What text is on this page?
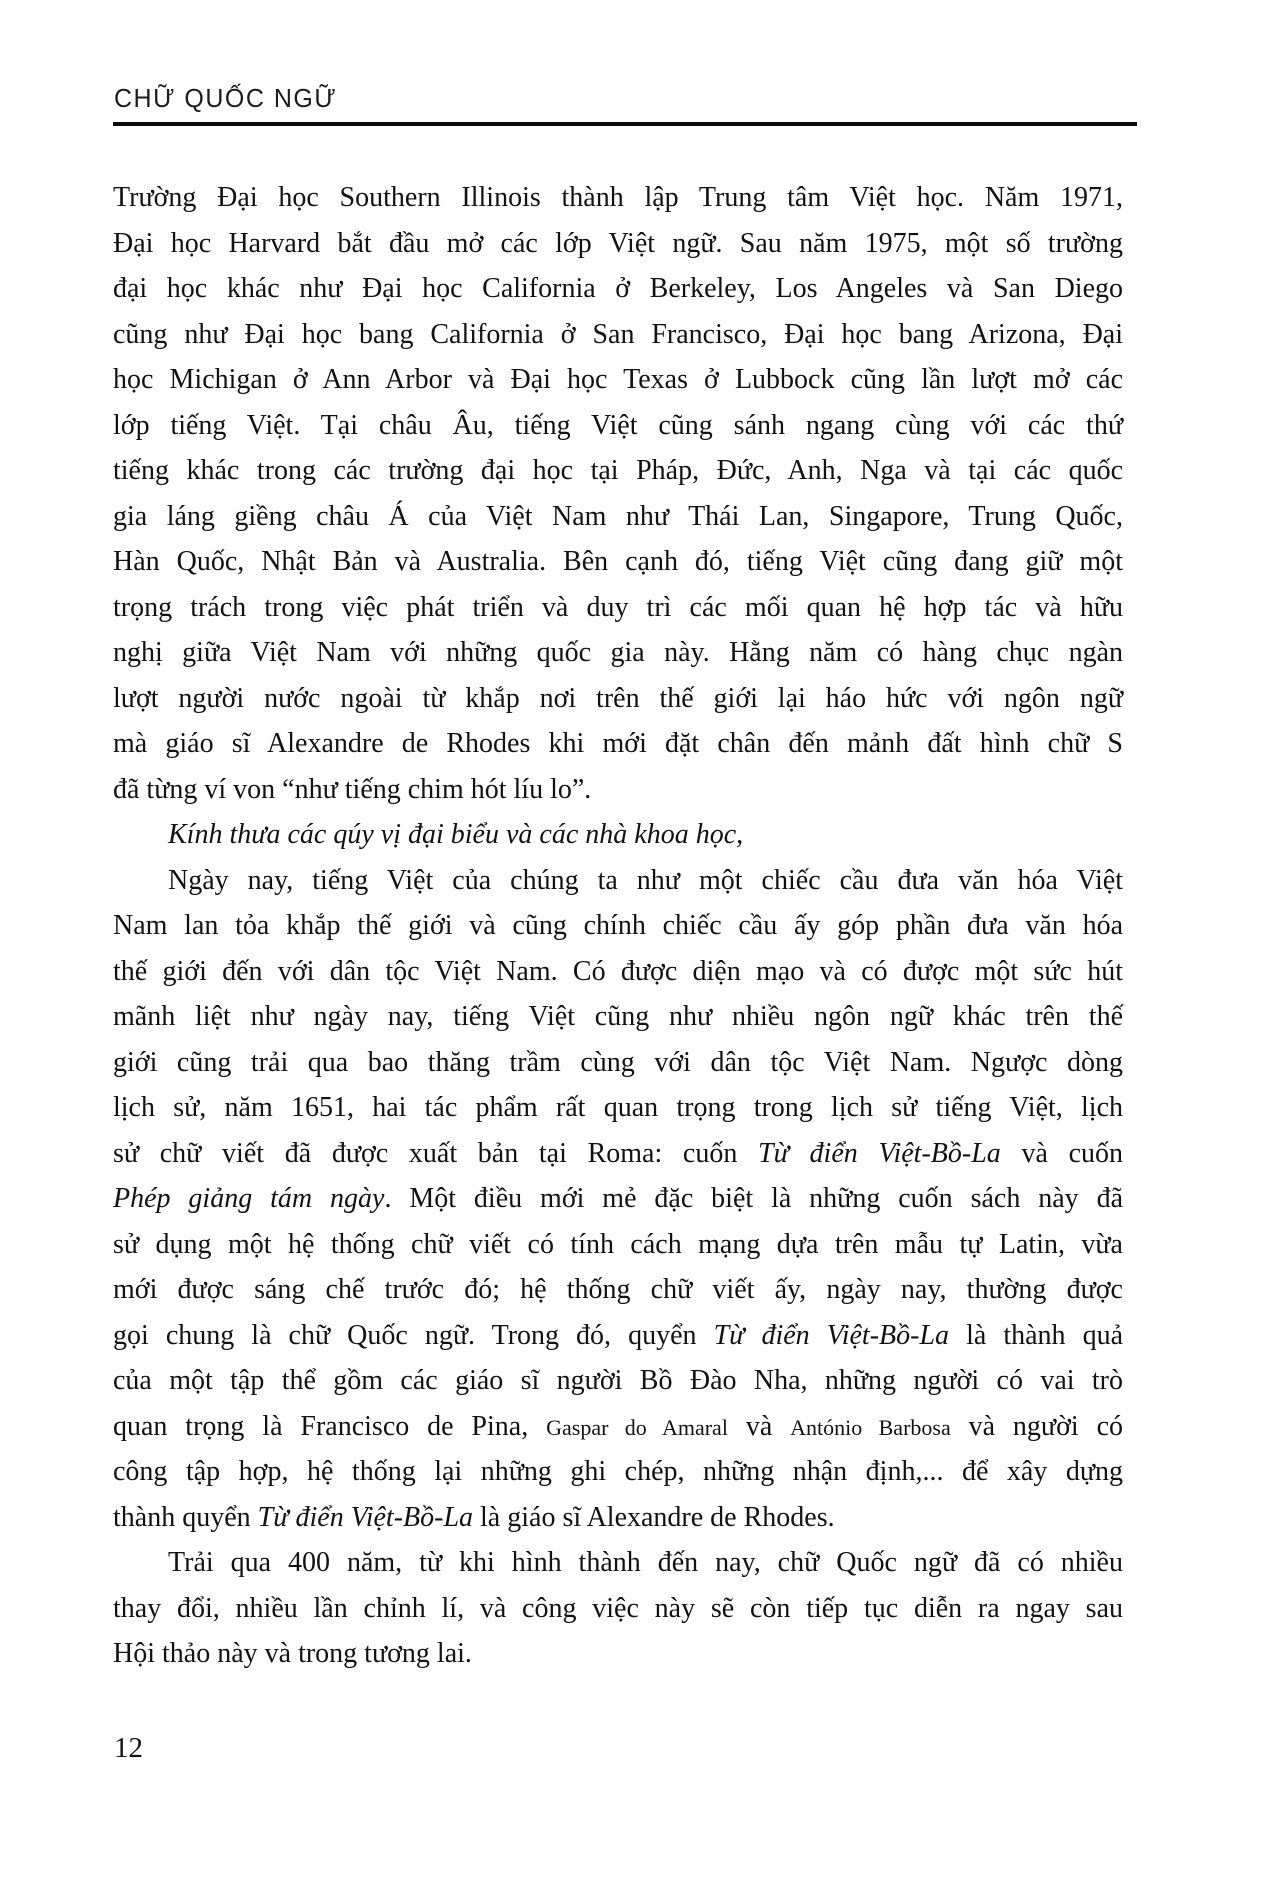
CHỮ QUỐC NGỮ
Trường Đại học Southern Illinois thành lập Trung tâm Việt học. Năm 1971,
Đại học Harvard bắt đầu mở các lớp Việt ngữ. Sau năm 1975, một số trường
đại học khác như Đại học California ở Berkeley, Los Angeles và San Diego
cũng như Đại học bang California ở San Francisco, Đại học bang Arizona, Đại
học Michigan ở Ann Arbor và Đại học Texas ở Lubbock cũng lần lượt mở các
lớp tiếng Việt. Tại châu Âu, tiếng Việt cũng sánh ngang cùng với các thứ
tiếng khác trong các trường đại học tại Pháp, Đức, Anh, Nga và tại các quốc
gia láng giềng châu Á của Việt Nam như Thái Lan, Singapore, Trung Quốc,
Hàn Quốc, Nhật Bản và Australia. Bên cạnh đó, tiếng Việt cũng đang giữ một
trọng trách trong việc phát triển và duy trì các mối quan hệ hợp tác và hữu
nghị giữa Việt Nam với những quốc gia này. Hằng năm có hàng chục ngàn
lượt người nước ngoài từ khắp nơi trên thế giới lại háo hức với ngôn ngữ
mà giáo sĩ Alexandre de Rhodes khi mới đặt chân đến mảnh đất hình chữ S
đã từng ví von “như tiếng chim hót líu lo”.
Kính thưa các qúy vị đại biểu và các nhà khoa học,
Ngày nay, tiếng Việt của chúng ta như một chiếc cầu đưa văn hóa Việt
Nam lan tỏa khắp thế giới và cũng chính chiếc cầu ấy góp phần đưa văn hóa
thế giới đến với dân tộc Việt Nam. Có được diện mạo và có được một sức hút
mãnh liệt như ngày nay, tiếng Việt cũng như nhiều ngôn ngữ khác trên thế
giới cũng trải qua bao thăng trầm cùng với dân tộc Việt Nam. Ngược dòng
lịch sử, năm 1651, hai tác phẩm rất quan trọng trong lịch sử tiếng Việt, lịch
sử chữ viết đã được xuất bản tại Roma: cuốn Từ điển Việt-Bồ-La và cuốn
Phép giảng tám ngày. Một điều mới mẻ đặc biệt là những cuốn sách này đã
sử dụng một hệ thống chữ viết có tính cách mạng dựa trên mẫu tự Latin, vừa
mới được sáng chế trước đó; hệ thống chữ viết ấy, ngày nay, thường được
gọi chung là chữ Quốc ngữ. Trong đó, quyển Từ điển Việt-Bồ-La là thành quả
của một tập thể gồm các giáo sĩ người Bồ Đào Nha, những người có vai trò
quan trọng là Francisco de Pina, Gaspar do Amaral và António Barbosa và người có
công tập hợp, hệ thống lại những ghi chép, những nhận định,... để xây dựng
thành quyển Từ điển Việt-Bồ-La là giáo sĩ Alexandre de Rhodes.
Trải qua 400 năm, từ khi hình thành đến nay, chữ Quốc ngữ đã có nhiều
thay đổi, nhiều lần chỉnh lí, và công việc này sẽ còn tiếp tục diễn ra ngay sau
Hội thảo này và trong tương lai.
12
